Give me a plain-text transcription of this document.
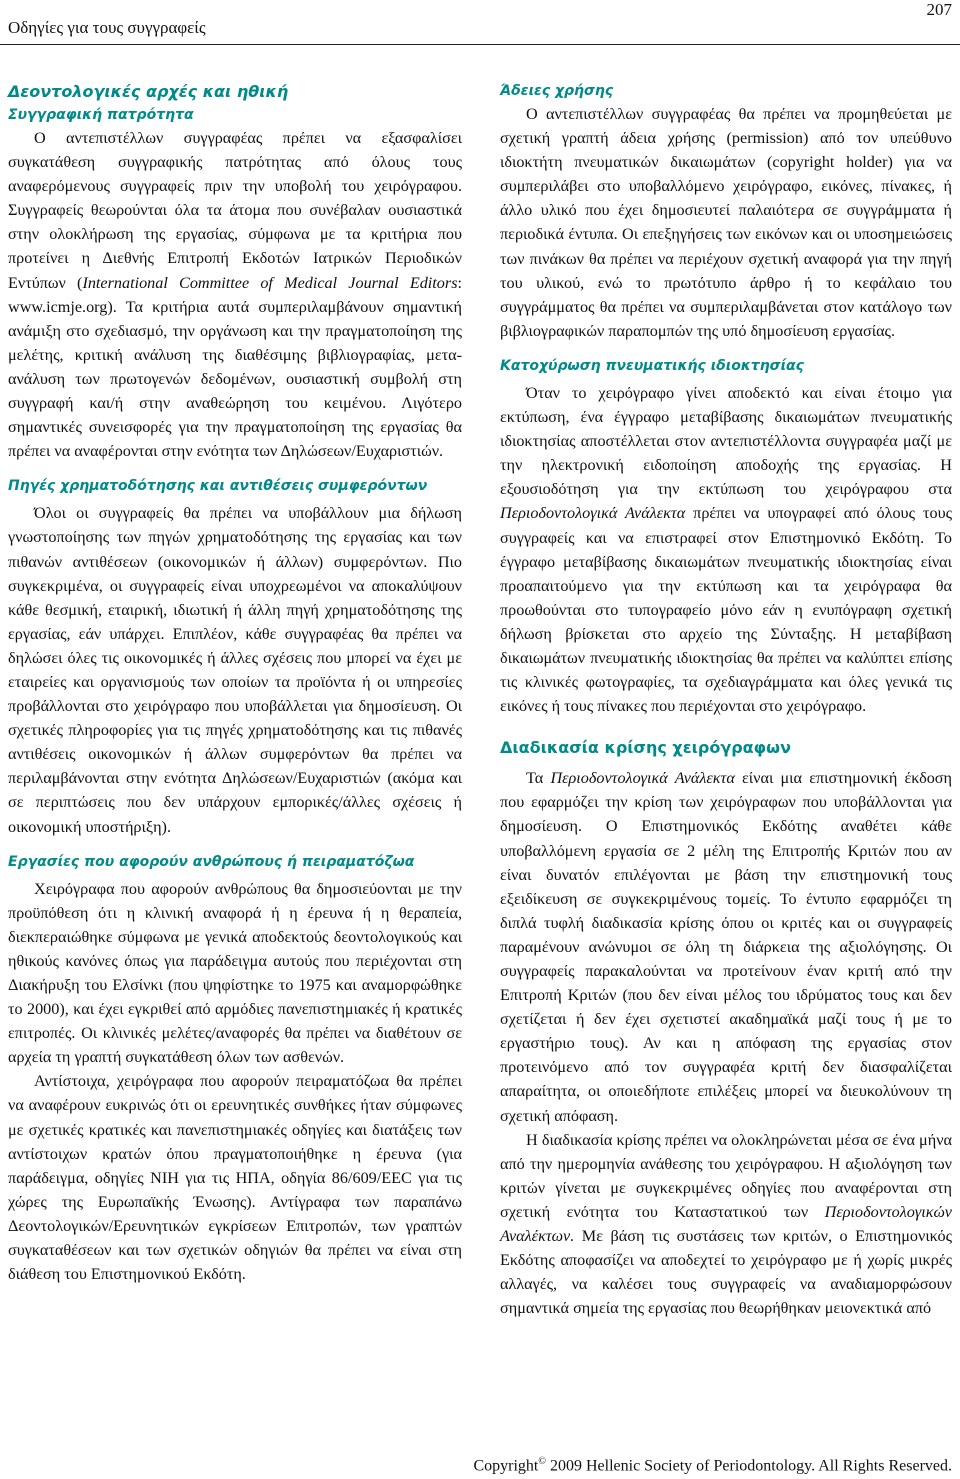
Οδηγίες για τους συγγραφείς
207
Δεοντολογικές αρχές και ηθική
Συγγραφική πατρότητα

Ο αντεπιστέλλων συγγραφέας πρέπει να εξασφαλίσει συγκατάθεση συγγραφικής πατρότητας από όλους τους αναφερόμενους συγγραφείς πριν την υποβολή του χειρόγραφου. Συγγραφείς θεωρούνται όλα τα άτομα που συνέβαλαν ουσιαστικά στην ολοκλήρωση της εργασίας, σύμφωνα με τα κριτήρια που προτείνει η Διεθνής Επιτροπή Εκδοτών Ιατρικών Περιοδικών Εντύπων (International Committee of Medical Journal Editors: www.icmje.org). Τα κριτήρια αυτά συμπεριλαμβάνουν σημαντική ανάμιξη στο σχεδιασμό, την οργάνωση και την πραγματοποίηση της μελέτης, κριτική ανάλυση της διαθέσιμης βιβλιογραφίας, μετα-ανάλυση των πρωτογενών δεδομένων, ουσιαστική συμβολή στη συγγραφή και/ή στην αναθεώρηση του κειμένου. Λιγότερο σημαντικές συνεισφορές για την πραγματοποίηση της εργασίας θα πρέπει να αναφέρονται στην ενότητα των Δηλώσεων/Ευχαριστιών.

Πηγές χρηματοδότησης και αντιθέσεις συμφερόντων

Όλοι οι συγγραφείς θα πρέπει να υποβάλλουν μια δήλωση γνωστοποίησης των πηγών χρηματοδότησης της εργασίας και των πιθανών αντιθέσεων (οικονομικών ή άλλων) συμφερόντων. Πιο συγκεκριμένα, οι συγγραφείς είναι υποχρεωμένοι να αποκαλύψουν κάθε θεσμική, εταιρική, ιδιωτική ή άλλη πηγή χρηματοδότησης της εργασίας, εάν υπάρχει. Επιπλέον, κάθε συγγραφέας θα πρέπει να δηλώσει όλες τις οικονομικές ή άλλες σχέσεις που μπορεί να έχει με εταιρείες και οργανισμούς των οποίων τα προϊόντα ή οι υπηρεσίες προβάλλονται στο χειρόγραφο που υποβάλλεται για δημοσίευση. Οι σχετικές πληροφορίες για τις πηγές χρηματοδότησης και τις πιθανές αντιθέσεις οικονομικών ή άλλων συμφερόντων θα πρέπει να περιλαμβάνονται στην ενότητα Δηλώσεων/Ευχαριστιών (ακόμα και σε περιπτώσεις που δεν υπάρχουν εμπορικές/άλλες σχέσεις ή οικονομική υποστήριξη).

Εργασίες που αφορούν ανθρώπους ή πειραματόζωα

Χειρόγραφα που αφορούν ανθρώπους θα δημοσιεύονται με την προϋπόθεση ότι η κλινική αναφορά ή η έρευνα ή η θεραπεία, διεκπεραιώθηκε σύμφωνα με γενικά αποδεκτούς δεοντολογικούς και ηθικούς κανόνες όπως για παράδειγμα αυτούς που περιέχονται στη Διακήρυξη του Ελσίνκι (που ψηφίστηκε το 1975 και αναμορφώθηκε το 2000), και έχει εγκριθεί από αρμόδιες πανεπιστημιακές ή κρατικές επιτροπές. Οι κλινικές μελέτες/αναφορές θα πρέπει να διαθέτουν σε αρχεία τη γραπτή συγκατάθεση όλων των ασθενών.

Αντίστοιχα, χειρόγραφα που αφορούν πειραματόζωα θα πρέπει να αναφέρουν ευκρινώς ότι οι ερευνητικές συνθήκες ήταν σύμφωνες με σχετικές κρατικές και πανεπιστημιακές οδηγίες και διατάξεις των αντίστοιχων κρατών όπου πραγματοποιήθηκε η έρευνα (για παράδειγμα, οδηγίες NIH για τις ΗΠΑ, οδηγία 86/609/EEC για τις χώρες της Ευρωπαϊκής Ένωσης). Αντίγραφα των παραπάνω Δεοντολογικών/Ερευνητικών εγκρίσεων Επιτροπών, των γραπτών συγκαταθέσεων και των σχετικών οδηγιών θα πρέπει να είναι στη διάθεση του Επιστημονικού Εκδότη.

Άδειες χρήσης

Ο αντεπιστέλλων συγγραφέας θα πρέπει να προμηθεύεται με σχετική γραπτή άδεια χρήσης (permission) από τον υπεύθυνο ιδιοκτήτη πνευματικών δικαιωμάτων (copyright holder) για να συμπεριλάβει στο υποβαλλόμενο χειρόγραφο, εικόνες, πίνακες, ή άλλο υλικό που έχει δημοσιευτεί παλαιότερα σε συγγράμματα ή περιοδικά έντυπα. Οι επεξηγήσεις των εικόνων και οι υποσημειώσεις των πινάκων θα πρέπει να περιέχουν σχετική αναφορά για την πηγή του υλικού, ενώ το πρωτότυπο άρθρο ή το κεφάλαιο του συγγράμματος θα πρέπει να συμπεριλαμβάνεται στον κατάλογο των βιβλιογραφικών παραπομπών της υπό δημοσίευση εργασίας.

Κατοχύρωση πνευματικής ιδιοκτησίας

Όταν το χειρόγραφο γίνει αποδεκτό και είναι έτοιμο για εκτύπωση, ένα έγγραφο μεταβίβασης δικαιωμάτων πνευματικής ιδιοκτησίας αποστέλλεται στον αντεπιστέλλοντα συγγραφέα μαζί με την ηλεκτρονική ειδοποίηση αποδοχής της εργασίας. Η εξουσιοδότηση για την εκτύπωση του χειρόγραφου στα Περιοδοντολογικά Ανάλεκτα πρέπει να υπογραφεί από όλους τους συγγραφείς και να επιστραφεί στον Επιστημονικό Εκδότη. Το έγγραφο μεταβίβασης δικαιωμάτων πνευματικής ιδιοκτησίας είναι προαπαιτούμενο για την εκτύπωση και τα χειρόγραφα θα προωθούνται στο τυπογραφείο μόνο εάν η ενυπόγραφη σχετική δήλωση βρίσκεται στο αρχείο της Σύνταξης. Η μεταβίβαση δικαιωμάτων πνευματικής ιδιοκτησίας θα πρέπει να καλύπτει επίσης τις κλινικές φωτογραφίες, τα σχεδιαγράμματα και όλες γενικά τις εικόνες ή τους πίνακες που περιέχονται στο χειρόγραφο.

Διαδικασία κρίσης χειρόγραφων

Τα Περιοδοντολογικά Ανάλεκτα είναι μια επιστημονική έκδοση που εφαρμόζει την κρίση των χειρόγραφων που υποβάλλονται για δημοσίευση. Ο Επιστημονικός Εκδότης αναθέτει κάθε υποβαλλόμενη εργασία σε 2 μέλη της Επιτροπής Κριτών που αν είναι δυνατόν επιλέγονται με βάση την επιστημονική τους εξειδίκευση σε συγκεκριμένους τομείς. Το έντυπο εφαρμόζει τη διπλά τυφλή διαδικασία κρίσης όπου οι κριτές και οι συγγραφείς παραμένουν ανώνυμοι σε όλη τη διάρκεια της αξιολόγησης. Οι συγγραφείς παρακαλούνται να προτείνουν έναν κριτή από την Επιτροπή Κριτών (που δεν είναι μέλος του ιδρύματος τους και δεν σχετίζεται ή δεν έχει σχετιστεί ακαδημαϊκά μαζί τους ή με το εργαστήριο τους). Αν και η απόφαση της εργασίας στον προτεινόμενο από τον συγγραφέα κριτή δεν διασφαλίζεται απαραίτητα, οι οποιεδήποτε επιλέξεις μπορεί να διευκολύνουν τη σχετική απόφαση.

Η διαδικασία κρίσης πρέπει να ολοκληρώνεται μέσα σε ένα μήνα από την ημερομηνία ανάθεσης του χειρόγραφου. Η αξιολόγηση των κριτών γίνεται με συγκεκριμένες οδηγίες που αναφέρονται στη σχετική ενότητα του Καταστατικού των Περιοδοντολογικών Αναλέκτων. Με βάση τις συστάσεις των κριτών, ο Επιστημονικός Εκδότης αποφασίζει να αποδεχτεί το χειρόγραφο με ή χωρίς μικρές αλλαγές, να καλέσει τους συγγραφείς να αναδιαμορφώσουν σημαντικά σημεία της εργασίας που θεωρήθηκαν μειονεκτικά από

Copyright© 2009 Hellenic Society of Periodontology. All Rights Reserved.
